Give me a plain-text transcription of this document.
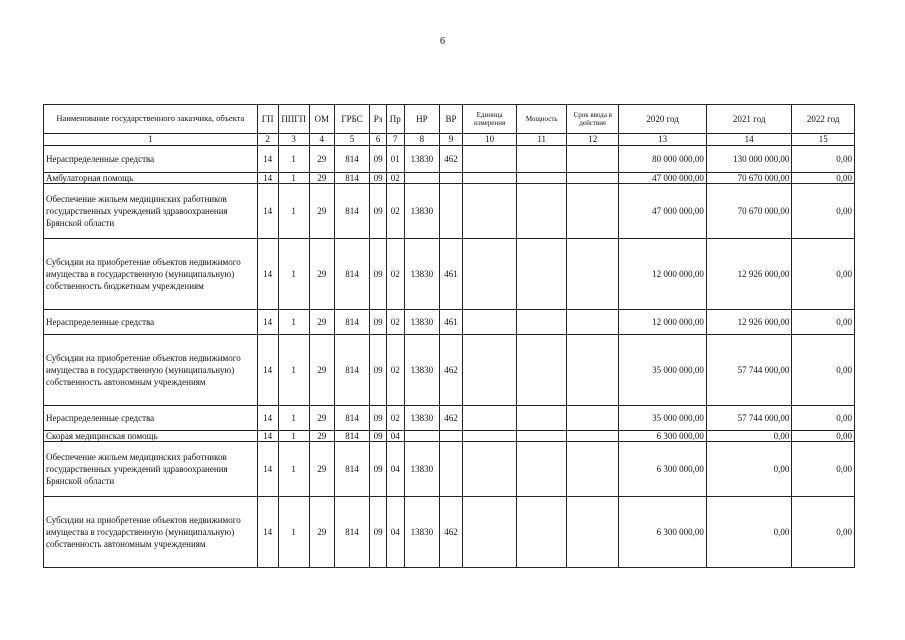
6
Наименование государственного заказчика, объекта	ГП	ППГП	ОМ	ГРБС	Рз	Пр	НР	ВР	Единица измерения	Мощность	Срок ввода в действие	2020 год	2021 год	2022 год
1	2	3	4	5	6	7	8	9	10	11	12	13	14	15
Нераспределенные средства	14	1	29	814	09	01	13830	462				80 000 000,00	130 000 000,00	0,00
Амбулаторная помощь	14	1	29	814	09	02						47 000 000,00	70 670 000,00	0,00
Обеспечение жильем медицинских работников государственных учреждений здравоохранения Брянской области	14	1	29	814	09	02	13830					47 000 000,00	70 670 000,00	0,00
Субсидии на приобретение объектов недвижимого имущества в государственную (муниципальную) собственность бюджетным учреждениям	14	1	29	814	09	02	13830	461				12 000 000,00	12 926 000,00	0,00
Нераспределенные средства	14	1	29	814	09	02	13830	461				12 000 000,00	12 926 000,00	0,00
Субсидии на приобретение объектов недвижимого имущества в государственную (муниципальную) собственность автономным учреждениям	14	1	29	814	09	02	13830	462				35 000 000,00	57 744 000,00	0,00
Нераспределенные средства	14	1	29	814	09	02	13830	462				35 000 000,00	57 744 000,00	0,00
Скорая медицинская помощь	14	1	29	814	09	04						6 300 000,00	0,00	0,00
Обеспечение жильем медицинских работников государственных учреждений здравоохранения Брянской области	14	1	29	814	09	04	13830					6 300 000,00	0,00	0,00
Субсидии на приобретение объектов недвижимого имущества в государственную (муниципальную) собственность автономным учреждениям	14	1	29	814	09	04	13830	462				6 300 000,00	0,00	0,00
